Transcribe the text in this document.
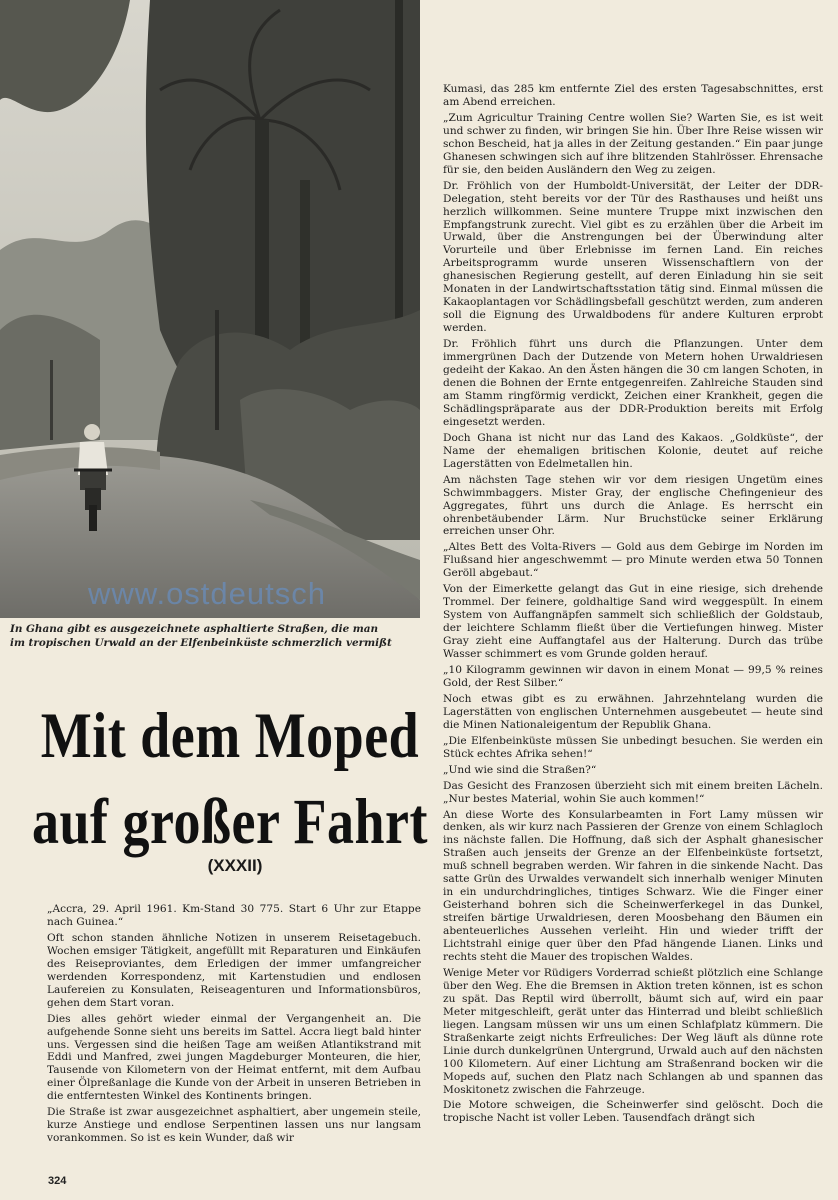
www.ostdeutsch

In Ghana gibt es ausgezeichnete asphaltierte Straßen, die man

im tropischen Urwald an der Elfenbeinküste schmerzlich vermißt

Mit dem Moped

auf großer Fahrt

(XXXII)

„Accra, 29. April 1961. Km-Stand 30 775. Start 6 Uhr zur Etappe nach Guinea.“

Oft schon standen ähnliche Notizen in unserem Reisetagebuch. Wochen emsiger Tätigkeit, angefüllt mit Reparaturen und Einkäufen des Reiseproviantes, dem Erledigen der immer umfangreicher werdenden Korrespondenz, mit Kartenstudien und endlosen Laufereien zu Konsulaten, Reiseagenturen und Informationsbüros, gehen dem Start voran.

Dies alles gehört wieder einmal der Vergangenheit an. Die aufgehende Sonne sieht uns bereits im Sattel. Accra liegt bald hinter uns. Vergessen sind die heißen Tage am weißen Atlantikstrand mit Eddi und Manfred, zwei jungen Magdeburger Monteuren, die hier, Tausende von Kilometern von der Heimat entfernt, mit dem Aufbau einer Ölpreßanlage die Kunde von der Arbeit in unseren Betrieben in die entferntesten Winkel des Kontinents bringen.

Die Straße ist zwar ausgezeichnet asphaltiert, aber ungemein steile, kurze Anstiege und endlose Serpentinen lassen uns nur langsam vorankommen. So ist es kein Wunder, daß wir

Kumasi, das 285 km entfernte Ziel des ersten Tagesabschnittes, erst am Abend erreichen.

„Zum Agricultur Training Centre wollen Sie? Warten Sie, es ist weit und schwer zu finden, wir bringen Sie hin. Über Ihre Reise wissen wir schon Bescheid, hat ja alles in der Zeitung gestanden.“ Ein paar junge Ghanesen schwingen sich auf ihre blitzenden Stahlrösser. Ehrensache für sie, den beiden Ausländern den Weg zu zeigen.

Dr. Fröhlich von der Humboldt-Universität, der Leiter der DDR-Delegation, steht bereits vor der Tür des Rasthauses und heißt uns herzlich willkommen. Seine muntere Truppe mixt inzwischen den Empfangstrunk zurecht. Viel gibt es zu erzählen über die Arbeit im Urwald, über die Anstrengungen bei der Überwindung alter Vorurteile und über Erlebnisse im fernen Land. Ein reiches Arbeitsprogramm wurde unseren Wissenschaftlern von der ghanesischen Regierung gestellt, auf deren Einladung hin sie seit Monaten in der Landwirtschaftsstation tätig sind. Einmal müssen die Kakaoplantagen vor Schädlingsbefall geschützt werden, zum anderen soll die Eignung des Urwaldbodens für andere Kulturen erprobt werden.

Dr. Fröhlich führt uns durch die Pflanzungen. Unter dem immergrünen Dach der Dutzende von Metern hohen Urwaldriesen gedeiht der Kakao. An den Ästen hängen die 30 cm langen Schoten, in denen die Bohnen der Ernte entgegenreifen. Zahlreiche Stauden sind am Stamm ringförmig verdickt, Zeichen einer Krankheit, gegen die Schädlingspräparate aus der DDR-Produktion bereits mit Erfolg eingesetzt werden.

Doch Ghana ist nicht nur das Land des Kakaos. „Goldküste“, der Name der ehemaligen britischen Kolonie, deutet auf reiche Lagerstätten von Edelmetallen hin.

Am nächsten Tage stehen wir vor dem riesigen Ungetüm eines Schwimmbaggers. Mister Gray, der englische Chefingenieur des Aggregates, führt uns durch die Anlage. Es herrscht ein ohrenbetäubender Lärm. Nur Bruchstücke seiner Erklärung erreichen unser Ohr.

„Altes Bett des Volta-Rivers — Gold aus dem Gebirge im Norden im Flußsand hier angeschwemmt — pro Minute werden etwa 50 Tonnen Geröll abgebaut.“

Von der Eimerkette gelangt das Gut in eine riesige, sich drehende Trommel. Der feinere, goldhaltige Sand wird weggespült. In einem System von Auffangnäpfen sammelt sich schließlich der Goldstaub, der leichtere Schlamm fließt über die Vertiefungen hinweg. Mister Gray zieht eine Auffangtafel aus der Halterung. Durch das trübe Wasser schimmert es vom Grunde golden herauf.

„10 Kilogramm gewinnen wir davon in einem Monat — 99,5 % reines Gold, der Rest Silber.“

Noch etwas gibt es zu erwähnen. Jahrzehntelang wurden die Lagerstätten von englischen Unternehmen ausgebeutet — heute sind die Minen Nationaleigentum der Republik Ghana.

„Die Elfenbeinküste müssen Sie unbedingt besuchen. Sie werden ein Stück echtes Afrika sehen!“

„Und wie sind die Straßen?“

Das Gesicht des Franzosen überzieht sich mit einem breiten Lächeln. „Nur bestes Material, wohin Sie auch kommen!“

An diese Worte des Konsularbeamten in Fort Lamy müssen wir denken, als wir kurz nach Passieren der Grenze von einem Schlagloch ins nächste fallen. Die Hoffnung, daß sich der Asphalt ghanesischer Straßen auch jenseits der Grenze an der Elfenbeinküste fortsetzt, muß schnell begraben werden. Wir fahren in die sinkende Nacht. Das satte Grün des Urwaldes verwandelt sich innerhalb weniger Minuten in ein undurchdringliches, tintiges Schwarz. Wie die Finger einer Geisterhand bohren sich die Scheinwerferkegel in das Dunkel, streifen bärtige Urwaldriesen, deren Moosbehang den Bäumen ein abenteuerliches Aussehen verleiht. Hin und wieder trifft der Lichtstrahl einige quer über den Pfad hängende Lianen. Links und rechts steht die Mauer des tropischen Waldes.

Wenige Meter vor Rüdigers Vorderrad schießt plötzlich eine Schlange über den Weg. Ehe die Bremsen in Aktion treten können, ist es schon zu spät. Das Reptil wird überrollt, bäumt sich auf, wird ein paar Meter mitgeschleift, gerät unter das Hinterrad und bleibt schließlich liegen. Langsam müssen wir uns um einen Schlafplatz kümmern. Die Straßenkarte zeigt nichts Erfreuliches: Der Weg läuft als dünne rote Linie durch dunkelgrünen Untergrund, Urwald auch auf den nächsten 100 Kilometern. Auf einer Lichtung am Straßenrand bocken wir die Mopeds auf, suchen den Platz nach Schlangen ab und spannen das Moskitonetz zwischen die Fahrzeuge.

Die Motore schweigen, die Scheinwerfer sind gelöscht. Doch die tropische Nacht ist voller Leben. Tausendfach drängt sich

324
